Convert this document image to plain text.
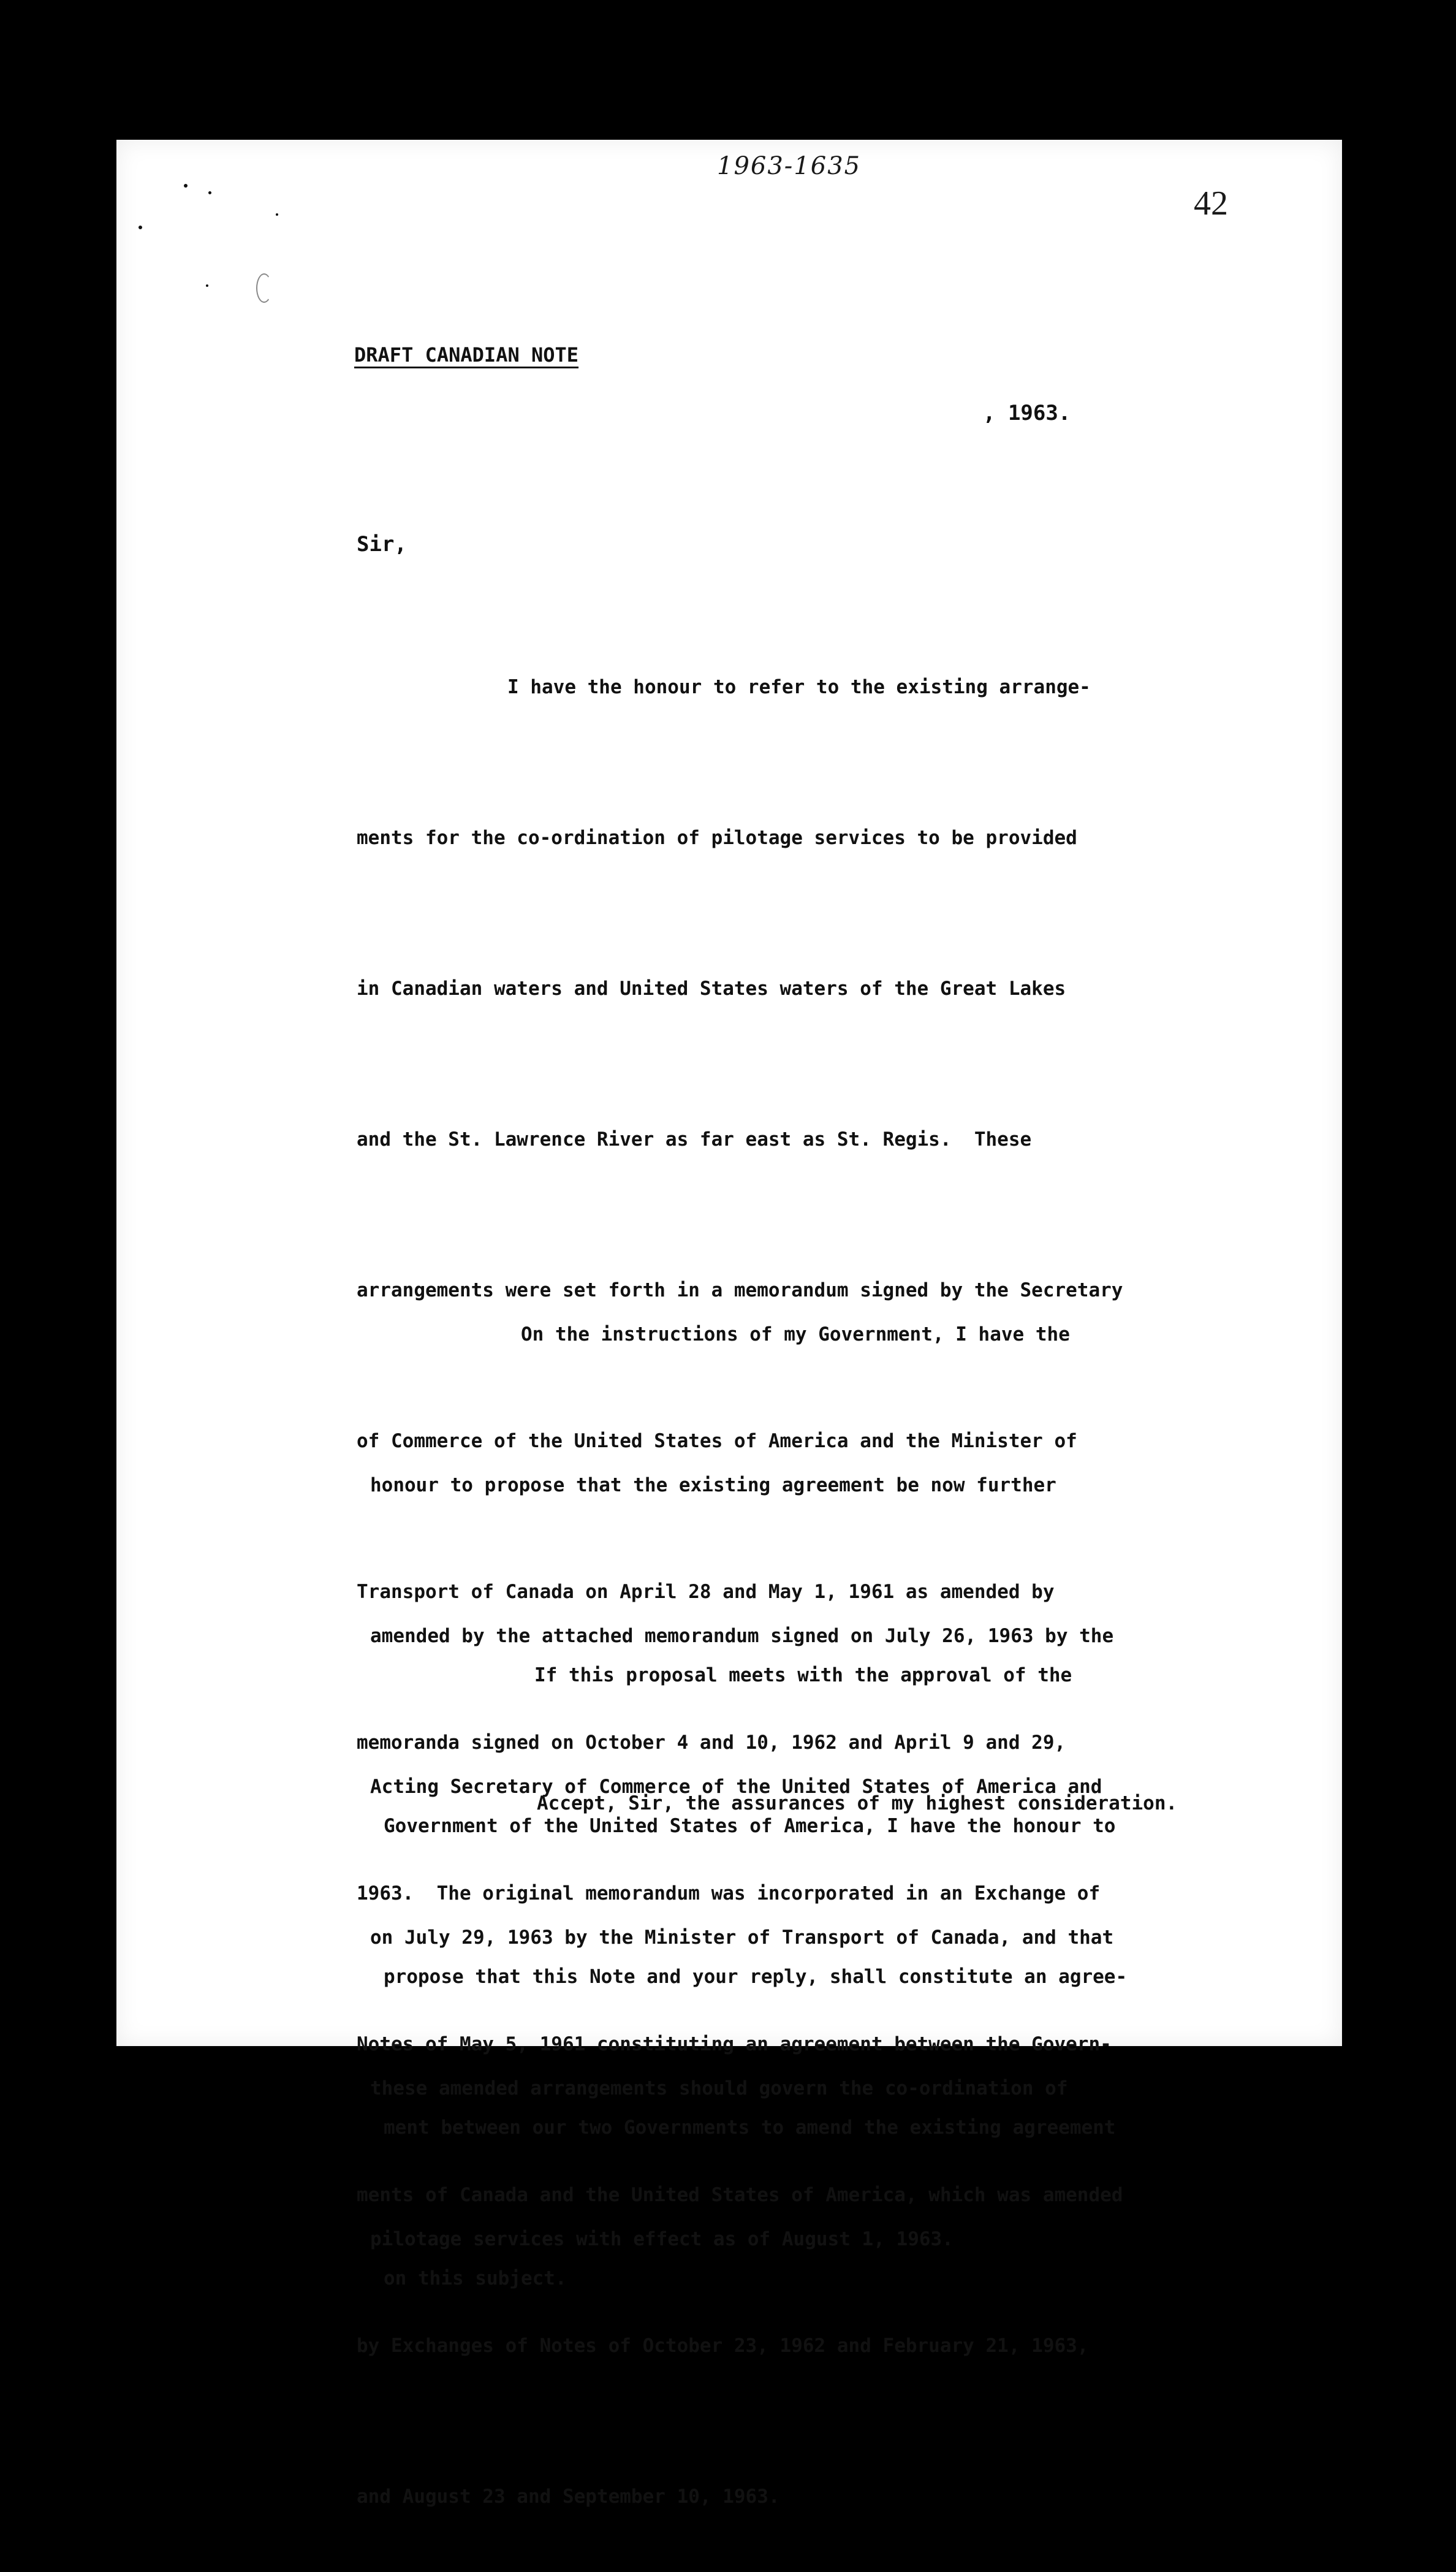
1963-1635
42
DRAFT CANADIAN NOTE
, 1963.
Sir,

I have the honour to refer to the existing arrange-

ments for the co-ordination of pilotage services to be provided

in Canadian waters and United States waters of the Great Lakes

and the St. Lawrence River as far east as St. Regis.  These

arrangements were set forth in a memorandum signed by the Secretary

of Commerce of the United States of America and the Minister of

Transport of Canada on April 28 and May 1, 1961 as amended by

memoranda signed on October 4 and 10, 1962 and April 9 and 29,

1963.  The original memorandum was incorporated in an Exchange of

Notes of May 5, 1961 constituting an agreement between the Govern-

ments of Canada and the United States of America, which was amended

by Exchanges of Notes of October 23, 1962 and February 21, 1963,

and August 23 and September 10, 1963.

On the instructions of my Government, I have the

honour to propose that the existing agreement be now further

amended by the attached memorandum signed on July 26, 1963 by the

Acting Secretary of Commerce of the United States of America and

on July 29, 1963 by the Minister of Transport of Canada, and that

these amended arrangements should govern the co-ordination of

pilotage services with effect as of August 1, 1963.

If this proposal meets with the approval of the

Government of the United States of America, I have the honour to

propose that this Note and your reply, shall constitute an agree-

ment between our two Governments to amend the existing agreement

on this subject.

Accept, Sir, the assurances of my highest consideration.
